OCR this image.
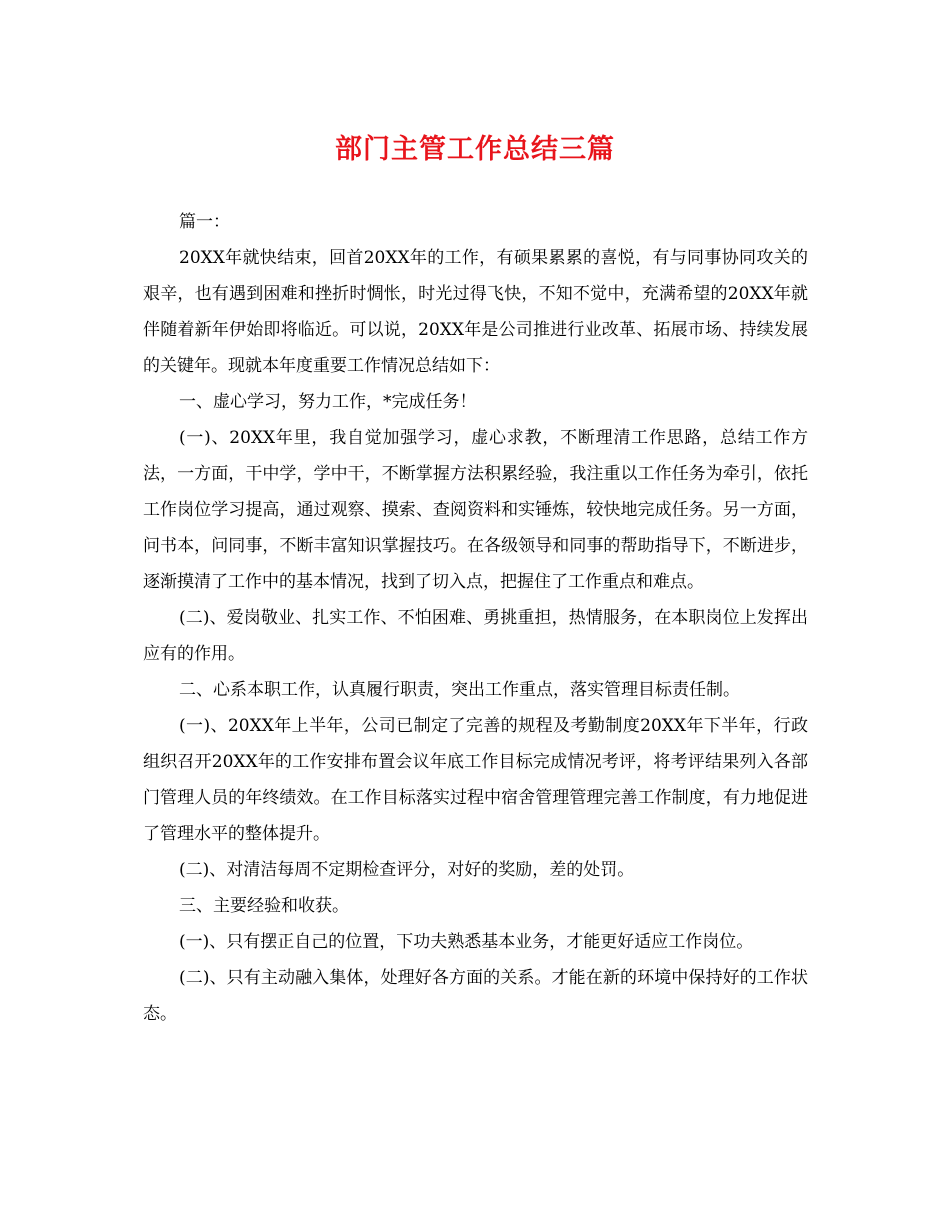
部门主管工作总结三篇

篇一：

20XX年就快结束，回首20XX年的工作，有硕果累累的喜悦，有与同事协同攻关的艰辛，也有遇到困难和挫折时惆怅，时光过得飞快，不知不觉中，充满希望的20XX年就伴随着新年伊始即将临近。可以说，20XX年是公司推进行业改革、拓展市场、持续发展的关键年。现就本年度重要工作情况总结如下：

一、虚心学习，努力工作，*完成任务！

(一)、20XX年里，我自觉加强学习，虚心求教，不断理清工作思路，总结工作方法，一方面，干中学，学中干，不断掌握方法积累经验，我注重以工作任务为牵引，依托工作岗位学习提高，通过观察、摸索、查阅资料和实锤炼，较快地完成任务。另一方面，问书本，问同事，不断丰富知识掌握技巧。在各级领导和同事的帮助指导下，不断进步，逐渐摸清了工作中的基本情况，找到了切入点，把握住了工作重点和难点。

(二)、爱岗敬业、扎实工作、不怕困难、勇挑重担，热情服务，在本职岗位上发挥出应有的作用。

二、心系本职工作，认真履行职责，突出工作重点，落实管理目标责任制。

(一)、20XX年上半年，公司已制定了完善的规程及考勤制度20XX年下半年，行政组织召开20XX年的工作安排布置会议年底工作目标完成情况考评，将考评结果列入各部门管理人员的年终绩效。在工作目标落实过程中宿舍管理管理完善工作制度，有力地促进了管理水平的整体提升。

(二)、对清洁每周不定期检查评分，对好的奖励，差的处罚。

三、主要经验和收获。

(一)、只有摆正自己的位置，下功夫熟悉基本业务，才能更好适应工作岗位。

(二)、只有主动融入集体，处理好各方面的关系。才能在新的环境中保持好的工作状态。
